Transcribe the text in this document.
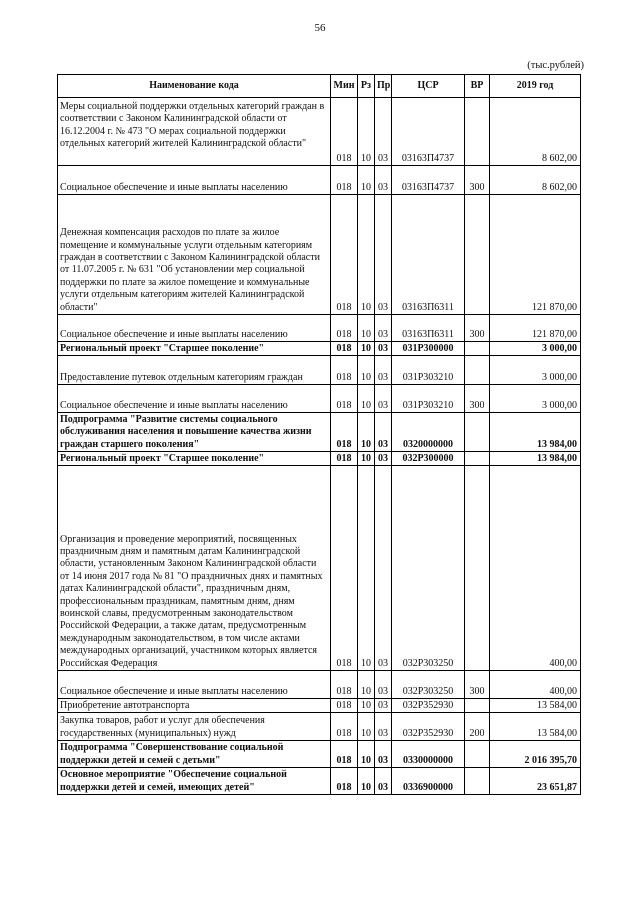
56
(тыс.рублей)
Наименование кода	Мин	Рз	Пр	ЦСР	ВР	2019 год
Меры социальной поддержки отдельных категорий граждан в соответствии с Законом Калининградской области от 16.12.2004 г. № 473 "О мерах социальной поддержки отдельных категорий жителей Калининградской области"	018	10	03	03163П4737		8 602,00
Социальное обеспечение и иные выплаты населению	018	10	03	03163П4737	300	8 602,00
Денежная компенсация расходов по плате за жилое помещение и коммунальные услуги отдельным категориям граждан в соответствии с Законом Калининградской области от 11.07.2005 г. № 631 "Об установлении мер социальной поддержки по плате за жилое помещение и коммунальные услуги отдельным категориям жителей Калининградской области"	018	10	03	03163П6311		121 870,00
Социальное обеспечение и иные выплаты населению	018	10	03	03163П6311	300	121 870,00
Региональный проект "Старшее поколение"	018	10	03	031Р300000		3 000,00
Предоставление путевок отдельным категориям граждан	018	10	03	031Р303210		3 000,00
Социальное обеспечение и иные выплаты населению	018	10	03	031Р303210	300	3 000,00
Подпрограмма "Развитие системы социального обслуживания населения и повышение качества жизни граждан старшего поколения"	018	10	03	0320000000		13 984,00
Региональный проект "Старшее поколение"	018	10	03	032Р300000		13 984,00
Организация и проведение мероприятий, посвященных праздничным дням и памятным датам Калининградской области, установленным Законом Калининградской области от 14 июня 2017 года № 81 "О праздничных днях и памятных датах Калининградской области", праздничным дням, профессиональным праздникам, памятным дням, дням воинской славы, предусмотренным законодательством Российской Федерации, а также датам, предусмотренным международным законодательством, в том числе актами международных организаций, участником которых является Российская Федерация	018	10	03	032Р303250		400,00
Социальное обеспечение и иные выплаты населению	018	10	03	032Р303250	300	400,00
Приобретение автотранспорта	018	10	03	032Р352930		13 584,00
Закупка товаров, работ и услуг для обеспечения государственных (муниципальных) нужд	018	10	03	032Р352930	200	13 584,00
Подпрограмма "Совершенствование социальной поддержки детей и семей с детьми"	018	10	03	0330000000		2 016 395,70
Основное мероприятие "Обеспечение социальной поддержки детей и семей, имеющих детей"	018	10	03	0336900000		23 651,87
